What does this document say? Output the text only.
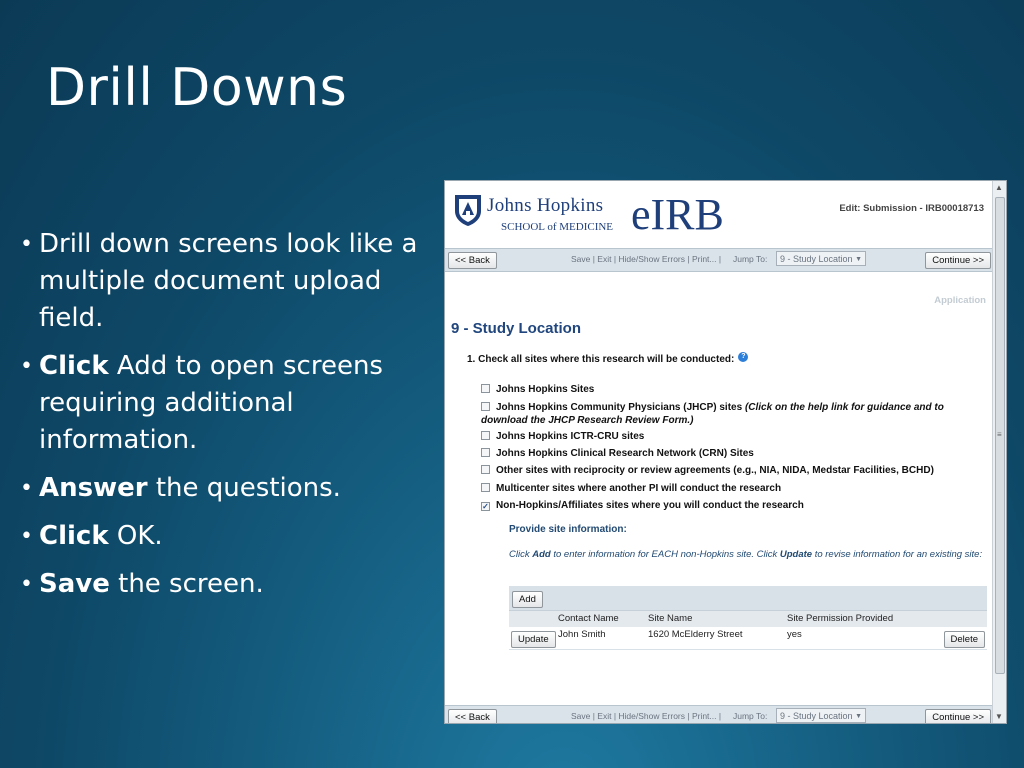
Drill Downs
• Drill down screens look like a multiple document upload field.
• Click Add to open screens requiring additional information.
• Answer the questions.
• Click OK.
• Save the screen.
Johns Hopkins
SCHOOL of MEDICINE eIRB	Edit: Submission - IRB00018713
<< Back	Save | Exit | Hide/Show Errors | Print... | Jump To:	9 - Study Location ▼	Continue >>
Application
9 - Study Location
1. Check all sites where this research will be conducted: ?
Johns Hopkins Sites
Johns Hopkins Community Physicians (JHCP) sites (Click on the help link for guidance and to download the JHCP Research Review Form.)
Johns Hopkins ICTR-CRU sites
Johns Hopkins Clinical Research Network (CRN) Sites
Other sites with reciprocity or review agreements (e.g., NIA, NIDA, Medstar Facilities, BCHD)
Multicenter sites where another PI will conduct the research
✓ Non-Hopkins/Affiliates sites where you will conduct the research
Provide site information:
Click Add to enter information for EACH non-Hopkins site. Click Update to revise information for an existing site:
Add
Contact Name	Site Name	Site Permission Provided
Update John Smith	1620 McElderry Street	yes	Delete
<< Back	Save | Exit | Hide/Show Errors | Print... | Jump To:	9 - Study Location ▼	Continue >>
▲
≡
▼
